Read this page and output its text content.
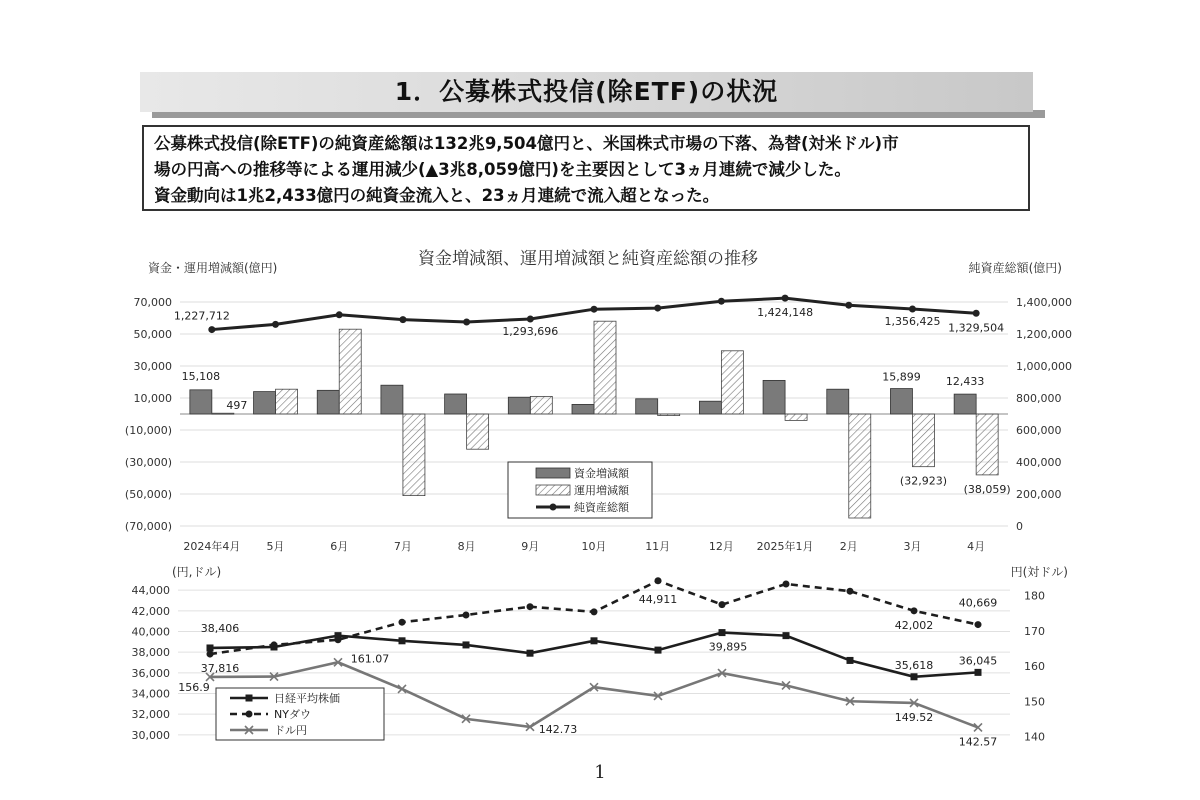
1．公募株式投信(除ETF)の状況

公募株式投信(除ETF)の純資産総額は132兆9,504億円と、米国株式市場の下落、為替(対米ドル)市

場の円高への推移等による運用減少(▲3兆8,059億円)を主要因として3ヵ月連続で減少した。

資金動向は1兆2,433億円の純資金流入と、23ヵ月連続で流入超となった。

資金増減額、運用増減額と純資産総額の推移
資金・運用増減額(億円)	純資産総額(億円)
70,000
50,000
30,000
10,000
(10,000)
(30,000)
(50,000)
(70,000)
1,400,000
1,200,000
1,000,000
800,000
600,000
400,000
200,000
0
2024年4月 5月	6月	7月	8月	9月	10月	11月	12月 2025年1月 2月	3月	4月
15,108
497
15,899 12,433
(32,923)
(38,059)
1,227,712
1,293,696
1,424,148
1,356,425 1,329,504
資金増減額
運用増減額
純資産総額
(円,ドル)	円(対ドル)
44,000
42,000
40,000
38,000
36,000
34,000
32,000
30,000
180
170
160
150
140
38,406
39,895
35,618 36,045
37,816
44,911
42,002
40,669
156.9
161.07
142.73
149.52
142.57
日経平均株価
NYダウ
ドル円
1
